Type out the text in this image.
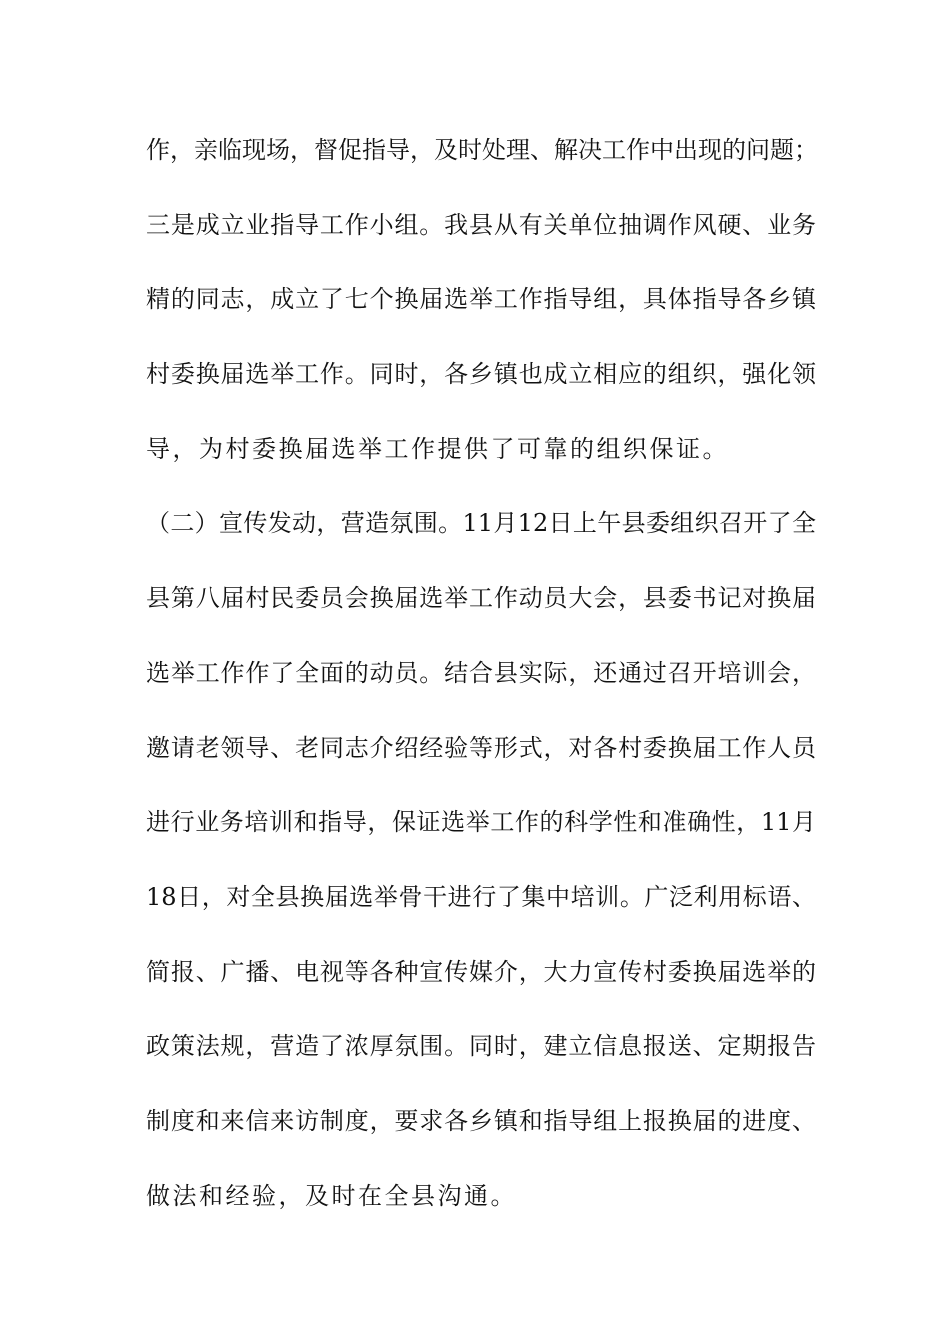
作，亲临现场，督促指导，及时处理、解决工作中出现的问题；
三是成立业指导工作小组。我县从有关单位抽调作风硬、业务
精的同志，成立了七个换届选举工作指导组，具体指导各乡镇
村委换届选举工作。同时，各乡镇也成立相应的组织，强化领
导，为村委换届选举工作提供了可靠的组织保证。
（二）宣传发动，营造氛围。11月12日上午县委组织召开了全
县第八届村民委员会换届选举工作动员大会，县委书记对换届
选举工作作了全面的动员。结合县实际，还通过召开培训会，
邀请老领导、老同志介绍经验等形式，对各村委换届工作人员
进行业务培训和指导，保证选举工作的科学性和准确性，11月
18日，对全县换届选举骨干进行了集中培训。广泛利用标语、
简报、广播、电视等各种宣传媒介，大力宣传村委换届选举的
政策法规，营造了浓厚氛围。同时，建立信息报送、定期报告
制度和来信来访制度，要求各乡镇和指导组上报换届的进度、
做法和经验，及时在全县沟通。
